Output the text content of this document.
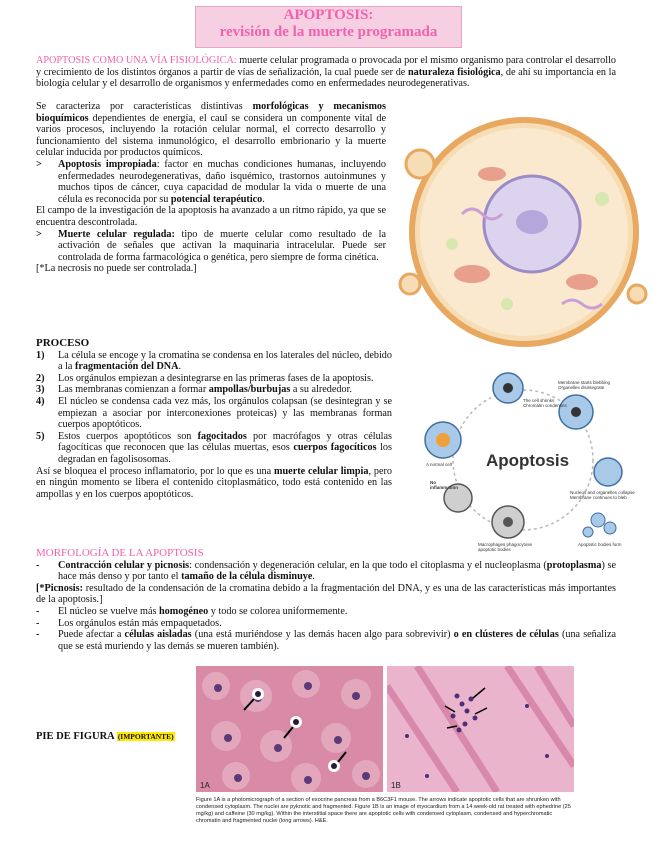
APOPTOSIS:
revisión de la muerte programada
APOPTOSIS COMO UNA VÍA FISIOLÓGICA: muerte celular programada o provocada por el mismo organismo para controlar el desarrollo y crecimiento de los distintos órganos a partir de vías de señalización, la cual puede ser de naturaleza fisiológica, de ahí su importancia en la biología celular y el desarrollo de organismos y enfermedades como en enfermedades neurodegenerativas.
Se caracteriza por características distintivas morfológicas y mecanismos bioquímicos dependientes de energía, el caul se considera un componente vital de varios procesos, incluyendo la rotación celular normal, el correcto desarrollo y funcionamiento del sistema inmunológico, el desarrollo embrionario y la muerte celular inducida por productos químicos.
> Apoptosis impropiada: factor en muchas condiciones humanas, incluyendo enfermedades neurodegenerativas, daño isquémico, trastornos autoinmunes y muchos tipos de cáncer, cuya capacidad de modular la vida o muerte de una célula es reconocida por su potencial terapéutico.
El campo de la investigación de la apoptosis ha avanzado a un ritmo rápido, ya que se encuentra descontrolada.
> Muerte celular regulada: tipo de muerte celular como resultado de la activación de señales que activan la maquinaria intracelular. Puede ser controlada de forma farmacológica o genética, pero siempre de forma cinética.
[*La necrosis no puede ser controlada.]
Apoptosis
The cell shrinks Chromatin condenses
Membrane starts blebbing Organelles disintegrate
A normal cell
Nucleus and organelles collapse Membrane continues to bleb
Apoptotic bodies form
No inflammation
Macrophages phagocytose apoptotic bodies
PROCESO
1) La célula se encoge y la cromatina se condensa en los laterales del núcleo, debido a la fragmentación del DNA.
2) Los orgánulos empiezan a desintegrarse en las primeras fases de la apoptosis.
3) Las membranas comienzan a formar ampollas/burbujas a su alrededor.
4) El núcleo se condensa cada vez más, los orgánulos colapsan (se desintegran y se empiezan a asociar por interconexiones proteicas) y las membranas forman cuerpos apoptóticos.
5) Estos cuerpos apoptóticos son fagocitados por macrófagos y otras células fagocíticas que reconocen que las células muertas, esos cuerpos fagocíticos los degradan en fagolisosomas.
Así se bloquea el proceso inflamatorio, por lo que es una muerte celular limpia, pero en ningún momento se libera el contenido citoplasmático, todo está contenido en las ampollas y en los cuerpos apoptóticos.
MORFOLOGÍA DE LA APOPTOSIS
- Contracción celular y picnosis: condensación y degeneración celular, en la que todo el citoplasma y el nucleoplasma (protoplasma) se hace más denso y por tanto el tamaño de la célula disminuye.
[*Picnosis: resultado de la condensación de la cromatina debido a la fragmentación del DNA, y es una de las características más importantes de la apoptosis.]
- El núcleo se vuelve más homogéneo y todo se colorea uniformemente.
- Los orgánulos están más empaquetados.
- Puede afectar a células aisladas (una está muriéndose y las demás hacen algo para sobrevivir) o en clústeres de células (una señaliza que se está muriendo y las demás se mueren también).
PIE DE FIGURA (IMPORTANTE)
1A	1B
Figure 1A is a photomicrograph of a section of exocrine pancreas from a B6C3F1 mouse. The arrows indicate apoptotic cells that are shrunken with condensed cytoplasm. The nuclei are pyknotic and fragmented. Figure 1B is an image of myocardium from a 14 week-old rat treated with ephedrine (25 mg/kg) and caffeine (30 mg/kg). Within the interstitial space there are apoptotic cells with condensed cytoplasm, condensed and hyperchromatic chromatin and fragmented nuclei (long arrows). H&E.
